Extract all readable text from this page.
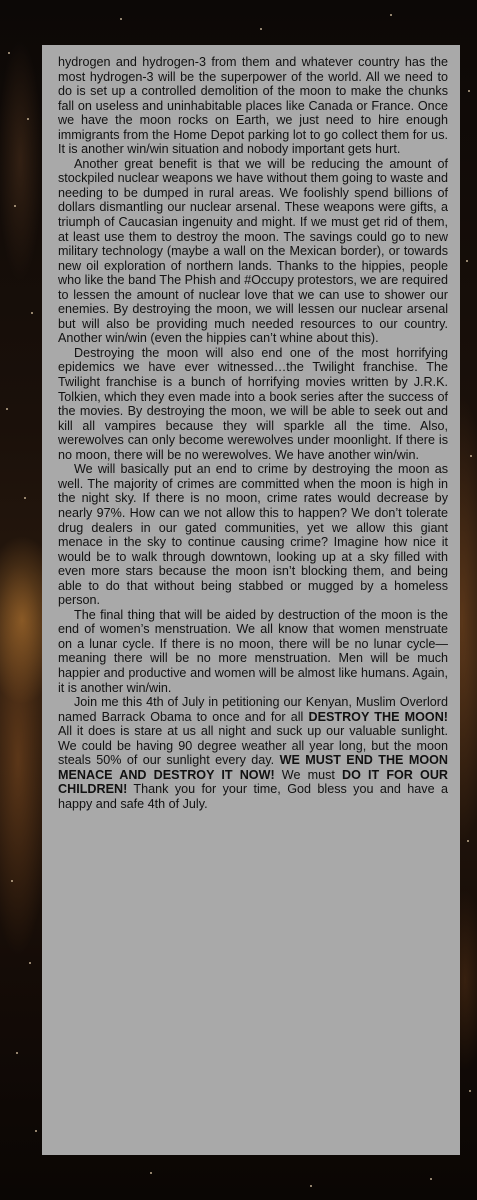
hydrogen and hydrogen-3 from them and whatever country has the most hydrogen-3 will be the superpower of the world. All we need to do is set up a controlled demolition of the moon to make the chunks fall on useless and uninhabitable places like Canada or France. Once we have the moon rocks on Earth, we just need to hire enough immigrants from the Home Depot parking lot to go collect them for us. It is another win/win situation and nobody important gets hurt.

Another great benefit is that we will be reducing the amount of stockpiled nuclear weapons we have without them going to waste and needing to be dumped in rural areas. We foolishly spend billions of dollars dismantling our nuclear arsenal. These weapons were gifts, a triumph of Caucasian ingenuity and might. If we must get rid of them, at least use them to destroy the moon. The savings could go to new military technology (maybe a wall on the Mexican border), or towards new oil exploration of northern lands. Thanks to the hippies, people who like the band The Phish and #Occupy protestors, we are required to lessen the amount of nuclear love that we can use to shower our enemies. By destroying the moon, we will lessen our nuclear arsenal but will also be providing much needed resources to our country. Another win/win (even the hippies can’t whine about this).

Destroying the moon will also end one of the most horrifying epidemics we have ever witnessed…the Twilight franchise. The Twilight franchise is a bunch of horrifying movies written by J.R.K. Tolkien, which they even made into a book series after the success of the movies. By destroying the moon, we will be able to seek out and kill all vampires because they will sparkle all the time. Also, werewolves can only become werewolves under moonlight. If there is no moon, there will be no werewolves. We have another win/win.

We will basically put an end to crime by destroying the moon as well. The majority of crimes are committed when the moon is high in the night sky. If there is no moon, crime rates would decrease by nearly 97%. How can we not allow this to happen? We don’t tolerate drug dealers in our gated communities, yet we allow this giant menace in the sky to continue causing crime? Imagine how nice it would be to walk through downtown, looking up at a sky filled with even more stars because the moon isn’t blocking them, and being able to do that without being stabbed or mugged by a homeless person.

The final thing that will be aided by destruction of the moon is the end of women’s menstruation. We all know that women menstruate on a lunar cycle. If there is no moon, there will be no lunar cycle—meaning there will be no more menstruation. Men will be much happier and productive and women will be almost like humans. Again, it is another win/win.

Join me this 4th of July in petitioning our Kenyan, Muslim Overlord named Barrack Obama to once and for all DESTROY THE MOON! All it does is stare at us all night and suck up our valuable sunlight. We could be having 90 degree weather all year long, but the moon steals 50% of our sunlight every day. WE MUST END THE MOON MENACE AND DESTROY IT NOW! We must DO IT FOR OUR CHILDREN! Thank you for your time, God bless you and have a happy and safe 4th of July.
